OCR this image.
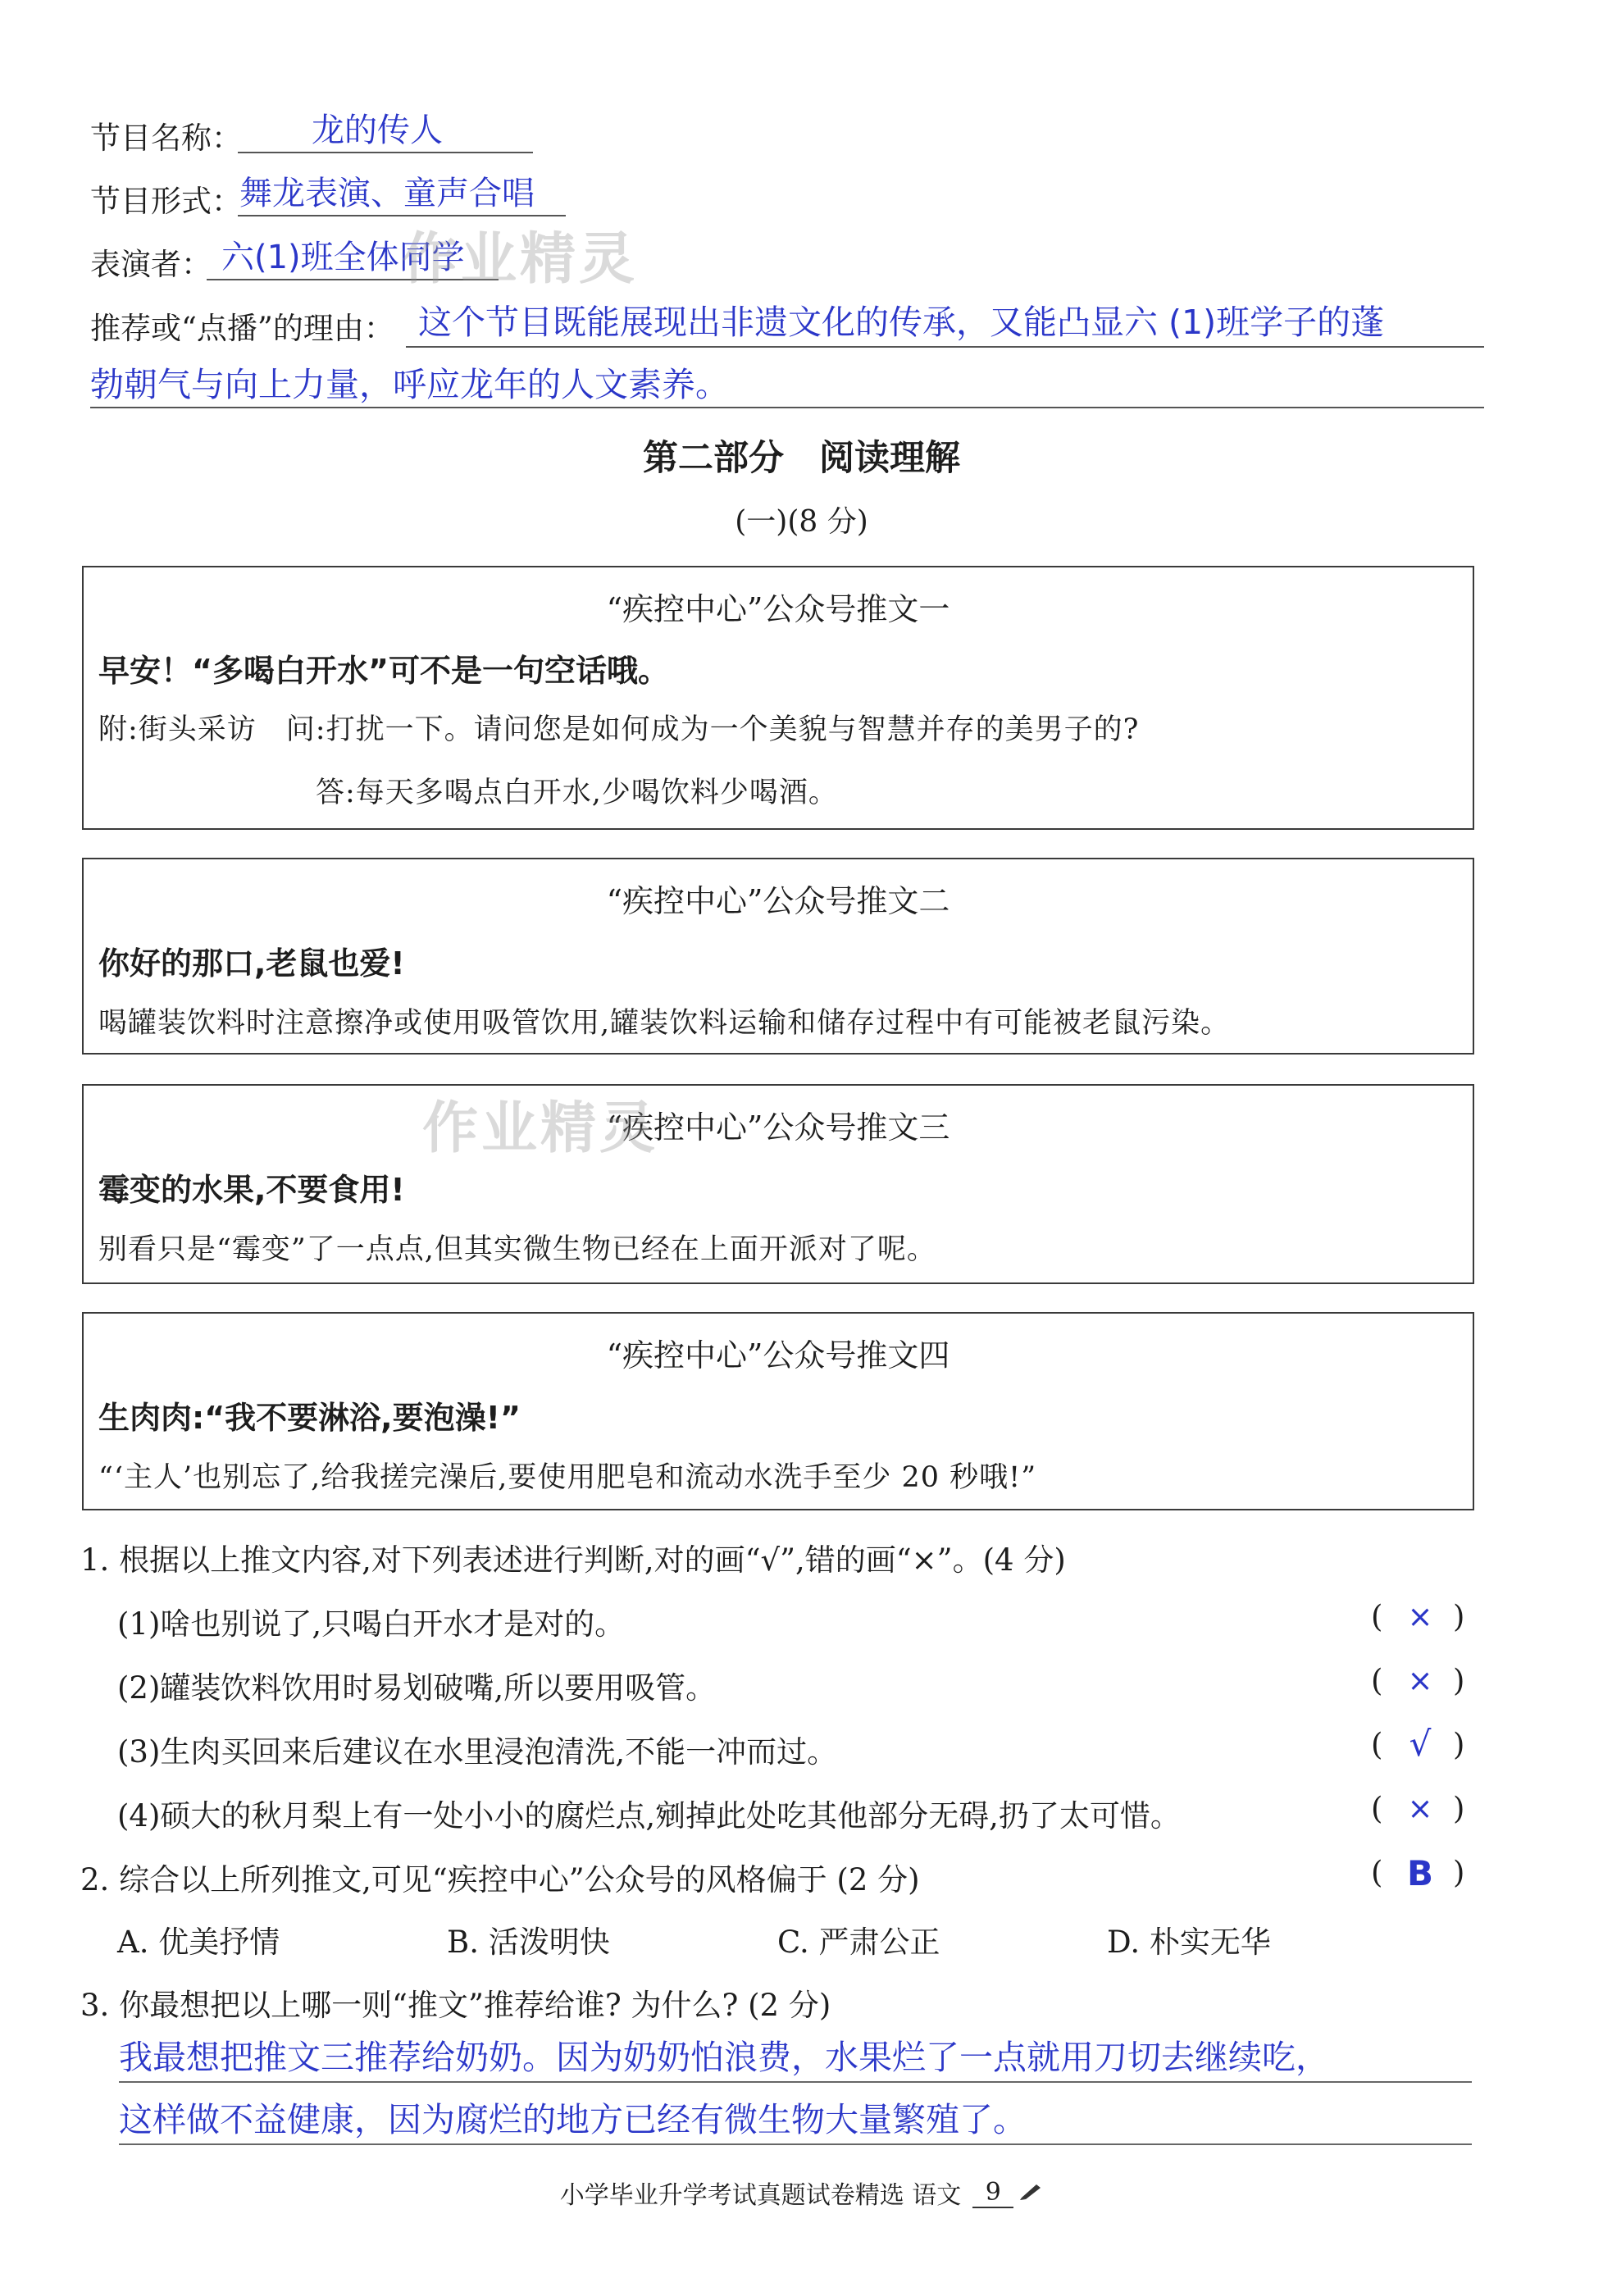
节目名称： 龙的传人
节目形式：
舞龙表演、童声合唱
表演者： 六(1)班全体同学
推荐或“点播”的理由： 这个节目既能展现出非遗文化的传承，又能凸显六 (1)班学子的蓬
勃朝气与向上力量，呼应龙年的人文素养。
作业精灵
第二部分　阅读理解
(一)(8 分)
“疾控中心”公众号推文一
早安！“多喝白开水”可不是一句空话哦。
附:街头采访　问:打扰一下。请问您是如何成为一个美貌与智慧并存的美男子的?
答:每天多喝点白开水,少喝饮料少喝酒。
“疾控中心”公众号推文二
你好的那口,老鼠也爱!
喝罐装饮料时注意擦净或使用吸管饮用,罐装饮料运输和储存过程中有可能被老鼠污染。
“疾控中心”公众号推文三
霉变的水果,不要食用!
别看只是“霉变”了一点点,但其实微生物已经在上面开派对了呢。
作业精灵
“疾控中心”公众号推文四
生肉肉:“我不要淋浴,要泡澡!”
“‘主人’也别忘了,给我搓完澡后,要使用肥皂和流动水洗手至少 20 秒哦!”
1. 根据以上推文内容,对下列表述进行判断,对的画“√”,错的画“×”。(4 分)
(1)啥也别说了,只喝白开水才是对的。	( × )
(2)罐装饮料饮用时易划破嘴,所以要用吸管。	( × )
(3)生肉买回来后建议在水里浸泡清洗,不能一冲而过。	( √ )
(4)硕大的秋月梨上有一处小小的腐烂点,剜掉此处吃其他部分无碍,扔了太可惜。	( × )
2. 综合以上所列推文,可见“疾控中心”公众号的风格偏于 (2 分)	( B )
A. 优美抒情	B. 活泼明快	C. 严肃公正	D. 朴实无华
3. 你最想把以上哪一则“推文”推荐给谁? 为什么? (2 分)
我最想把推文三推荐给奶奶。因为奶奶怕浪费，水果烂了一点就用刀切去继续吃，
这样做不益健康，因为腐烂的地方已经有微生物大量繁殖了。
小学毕业升学考试真题试卷精选 语文 9
